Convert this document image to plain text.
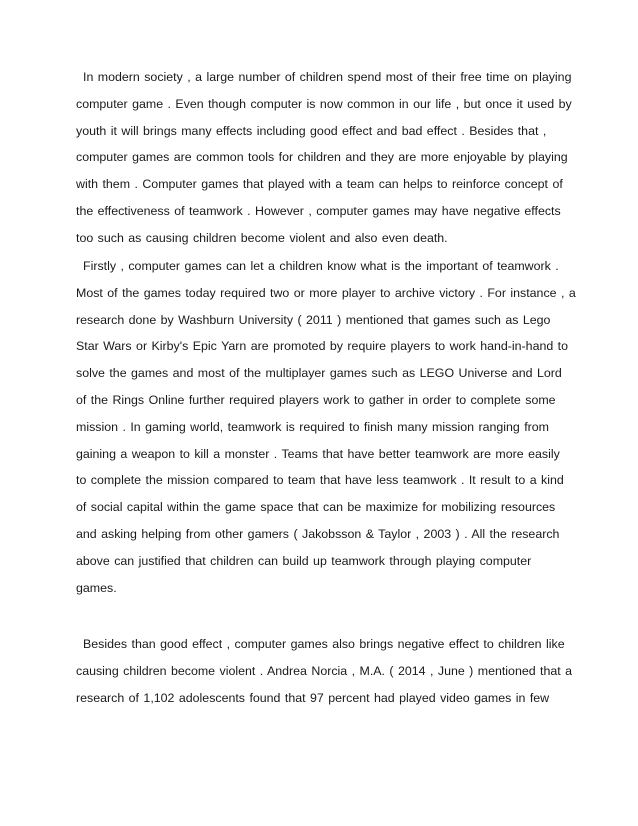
In modern society , a large number of children spend most of their free time on playing
computer game . Even though computer is now common in our life , but once it used by
youth it will brings many effects including good effect and bad effect . Besides that ,
computer games are common tools for children and they are more enjoyable by playing
with them . Computer games that played with a team can helps to reinforce concept of
the effectiveness of teamwork . However , computer games may have negative effects
too such as causing children become violent and also even death.
Firstly , computer games can let a children know what is the important of teamwork .
Most of the games today required two or more player to archive victory . For instance , a
research done by Washburn University ( 2011 ) mentioned that games such as Lego
Star Wars or Kirby's Epic Yarn are promoted by require players to work hand-in-hand to
solve the games and most of the multiplayer games such as LEGO Universe and Lord
of the Rings Online further required players work to gather in order to complete some
mission . In gaming world, teamwork is required to finish many mission ranging from
gaining a weapon to kill a monster . Teams that have better teamwork are more easily
to complete the mission compared to team that have less teamwork . It result to a kind
of social capital within the game space that can be maximize for mobilizing resources
and asking helping from other gamers ( Jakobsson & Taylor , 2003 ) . All the research
above can justified that children can build up teamwork through playing computer
games.
Besides than good effect , computer games also brings negative effect to children like
causing children become violent . Andrea Norcia , M.A. ( 2014 , June ) mentioned that a
research of 1,102 adolescents found that 97 percent had played video games in few
